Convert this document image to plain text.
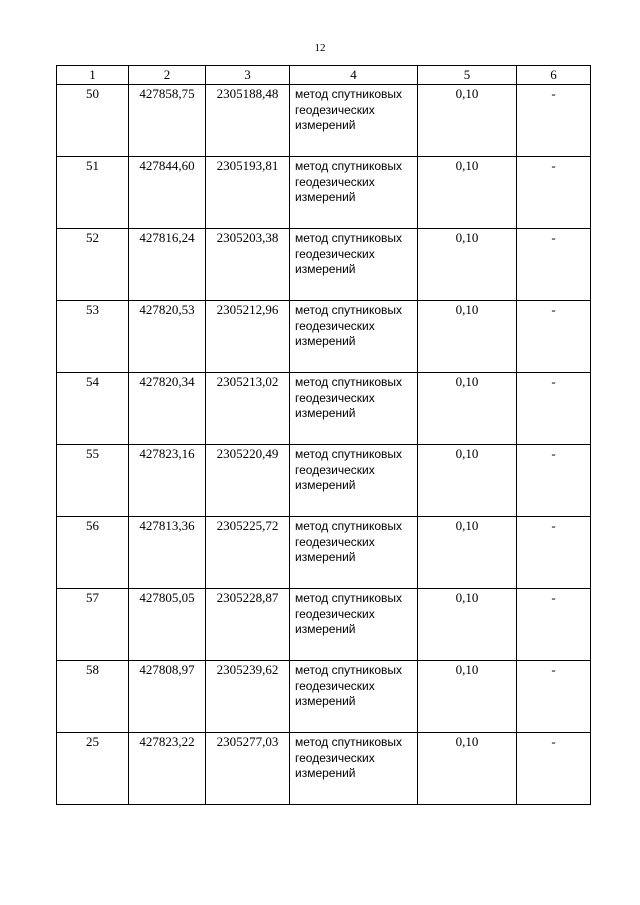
12
1	2	3	4	5	6
50	427858,75	2305188,48	метод спутниковых геодезических измерений	0,10	-
51	427844,60	2305193,81	метод спутниковых геодезических измерений	0,10	-
52	427816,24	2305203,38	метод спутниковых геодезических измерений	0,10	-
53	427820,53	2305212,96	метод спутниковых геодезических измерений	0,10	-
54	427820,34	2305213,02	метод спутниковых геодезических измерений	0,10	-
55	427823,16	2305220,49	метод спутниковых геодезических измерений	0,10	-
56	427813,36	2305225,72	метод спутниковых геодезических измерений	0,10	-
57	427805,05	2305228,87	метод спутниковых геодезических измерений	0,10	-
58	427808,97	2305239,62	метод спутниковых геодезических измерений	0,10	-
25	427823,22	2305277,03	метод спутниковых геодезических измерений	0,10	-
